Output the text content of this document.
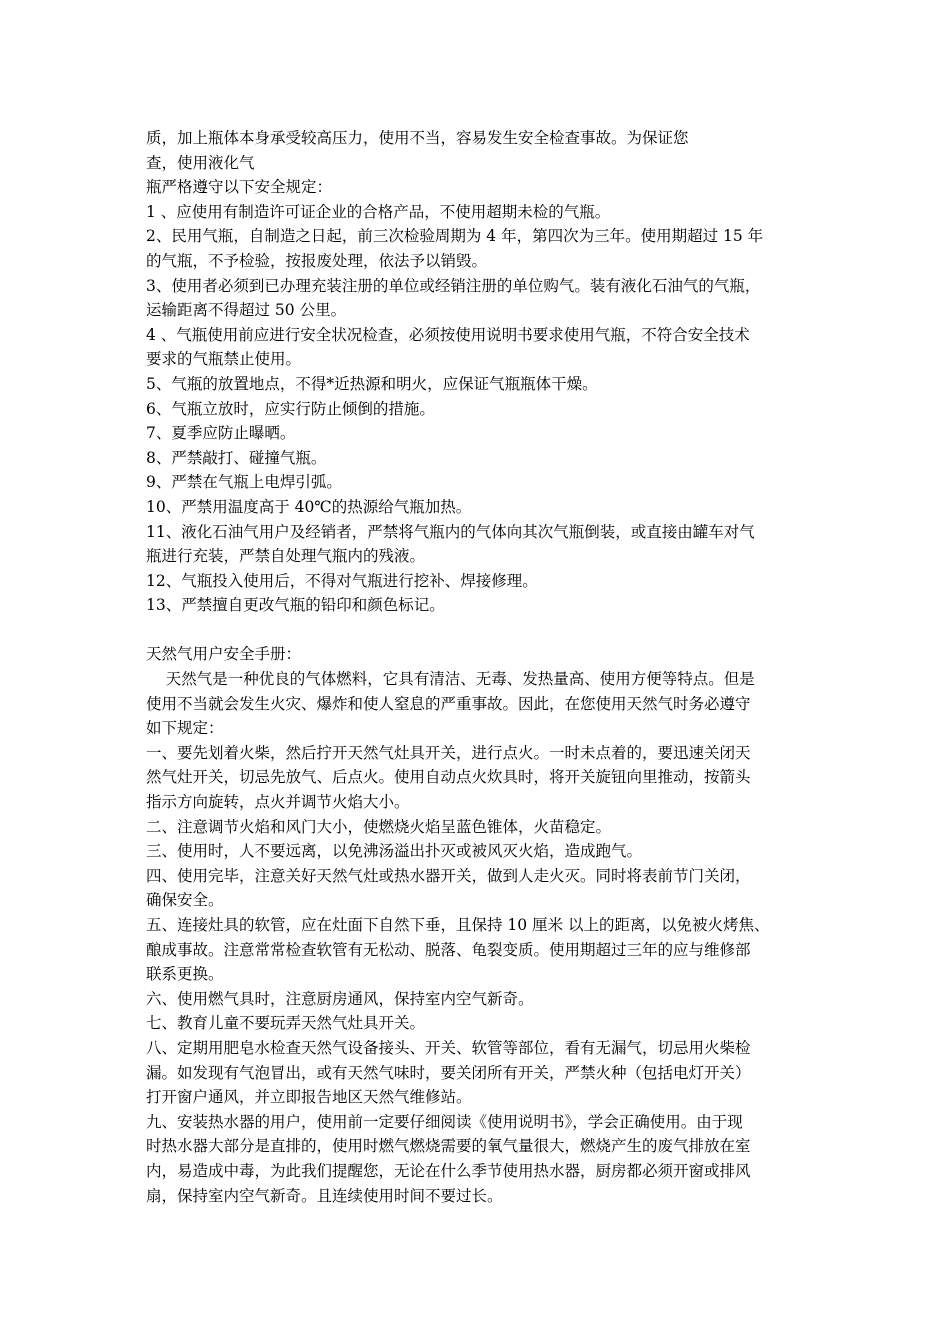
质，加上瓶体本身承受较高压力，使用不当，容易发生安全检查事故。为保证您
查，使用液化气
瓶严格遵守以下安全规定：
1 、应使用有制造许可证企业的合格产品，不使用超期未检的气瓶。
2、民用气瓶，自制造之日起，前三次检验周期为 4 年，第四次为三年。使用期超过 15 年
的气瓶，不予检验，按报废处理，依法予以销毁。
3、使用者必须到已办理充装注册的单位或经销注册的单位购气。装有液化石油气的气瓶，
运输距离不得超过 50 公里。
4 、气瓶使用前应进行安全状况检查，必须按使用说明书要求使用气瓶，不符合安全技术
要求的气瓶禁止使用。
5、气瓶的放置地点，不得*近热源和明火，应保证气瓶瓶体干燥。
6、气瓶立放时，应实行防止倾倒的措施。
7、夏季应防止曝晒。
8、严禁敲打、碰撞气瓶。
9、严禁在气瓶上电焊引弧。
10、严禁用温度高于 40℃的热源给气瓶加热。
11、液化石油气用户及经销者，严禁将气瓶内的气体向其次气瓶倒装，或直接由罐车对气
瓶进行充装，严禁自处理气瓶内的残液。
12、气瓶投入使用后，不得对气瓶进行挖补、焊接修理。
13、严禁擅自更改气瓶的铅印和颜色标记。
天然气用户安全手册：
天然气是一种优良的气体燃料，它具有清洁、无毒、发热量高、使用方便等特点。但是
使用不当就会发生火灾、爆炸和使人窒息的严重事故。因此，在您使用天然气时务必遵守
如下规定：
一、要先划着火柴，然后拧开天然气灶具开关，进行点火。一时未点着的，要迅速关闭天
然气灶开关，切忌先放气、后点火。使用自动点火炊具时，将开关旋钮向里推动，按箭头
指示方向旋转，点火并调节火焰大小。
二、注意调节火焰和风门大小，使燃烧火焰呈蓝色锥体，火苗稳定。
三、使用时，人不要远离，以免沸汤溢出扑灭或被风灭火焰，造成跑气。
四、使用完毕，注意关好天然气灶或热水器开关，做到人走火灭。同时将表前节门关闭，
确保安全。
五、连接灶具的软管，应在灶面下自然下垂，且保持 10 厘米 以上的距离，以免被火烤焦、
酿成事故。注意常常检查软管有无松动、脱落、龟裂变质。使用期超过三年的应与维修部
联系更换。
六、使用燃气具时，注意厨房通风，保持室内空气新奇。
七、教育儿童不要玩弄天然气灶具开关。
八、定期用肥皂水检查天然气设备接头、开关、软管等部位，看有无漏气，切忌用火柴检
漏。如发现有气泡冒出，或有天然气味时，要关闭所有开关，严禁火种（包括电灯开关）
打开窗户通风，并立即报告地区天然气维修站。
九、安装热水器的用户，使用前一定要仔细阅读《使用说明书》，学会正确使用。由于现
时热水器大部分是直排的，使用时燃气燃烧需要的氧气量很大，燃烧产生的废气排放在室
内，易造成中毒，为此我们提醒您，无论在什么季节使用热水器，厨房都必须开窗或排风
扇，保持室内空气新奇。且连续使用时间不要过长。
